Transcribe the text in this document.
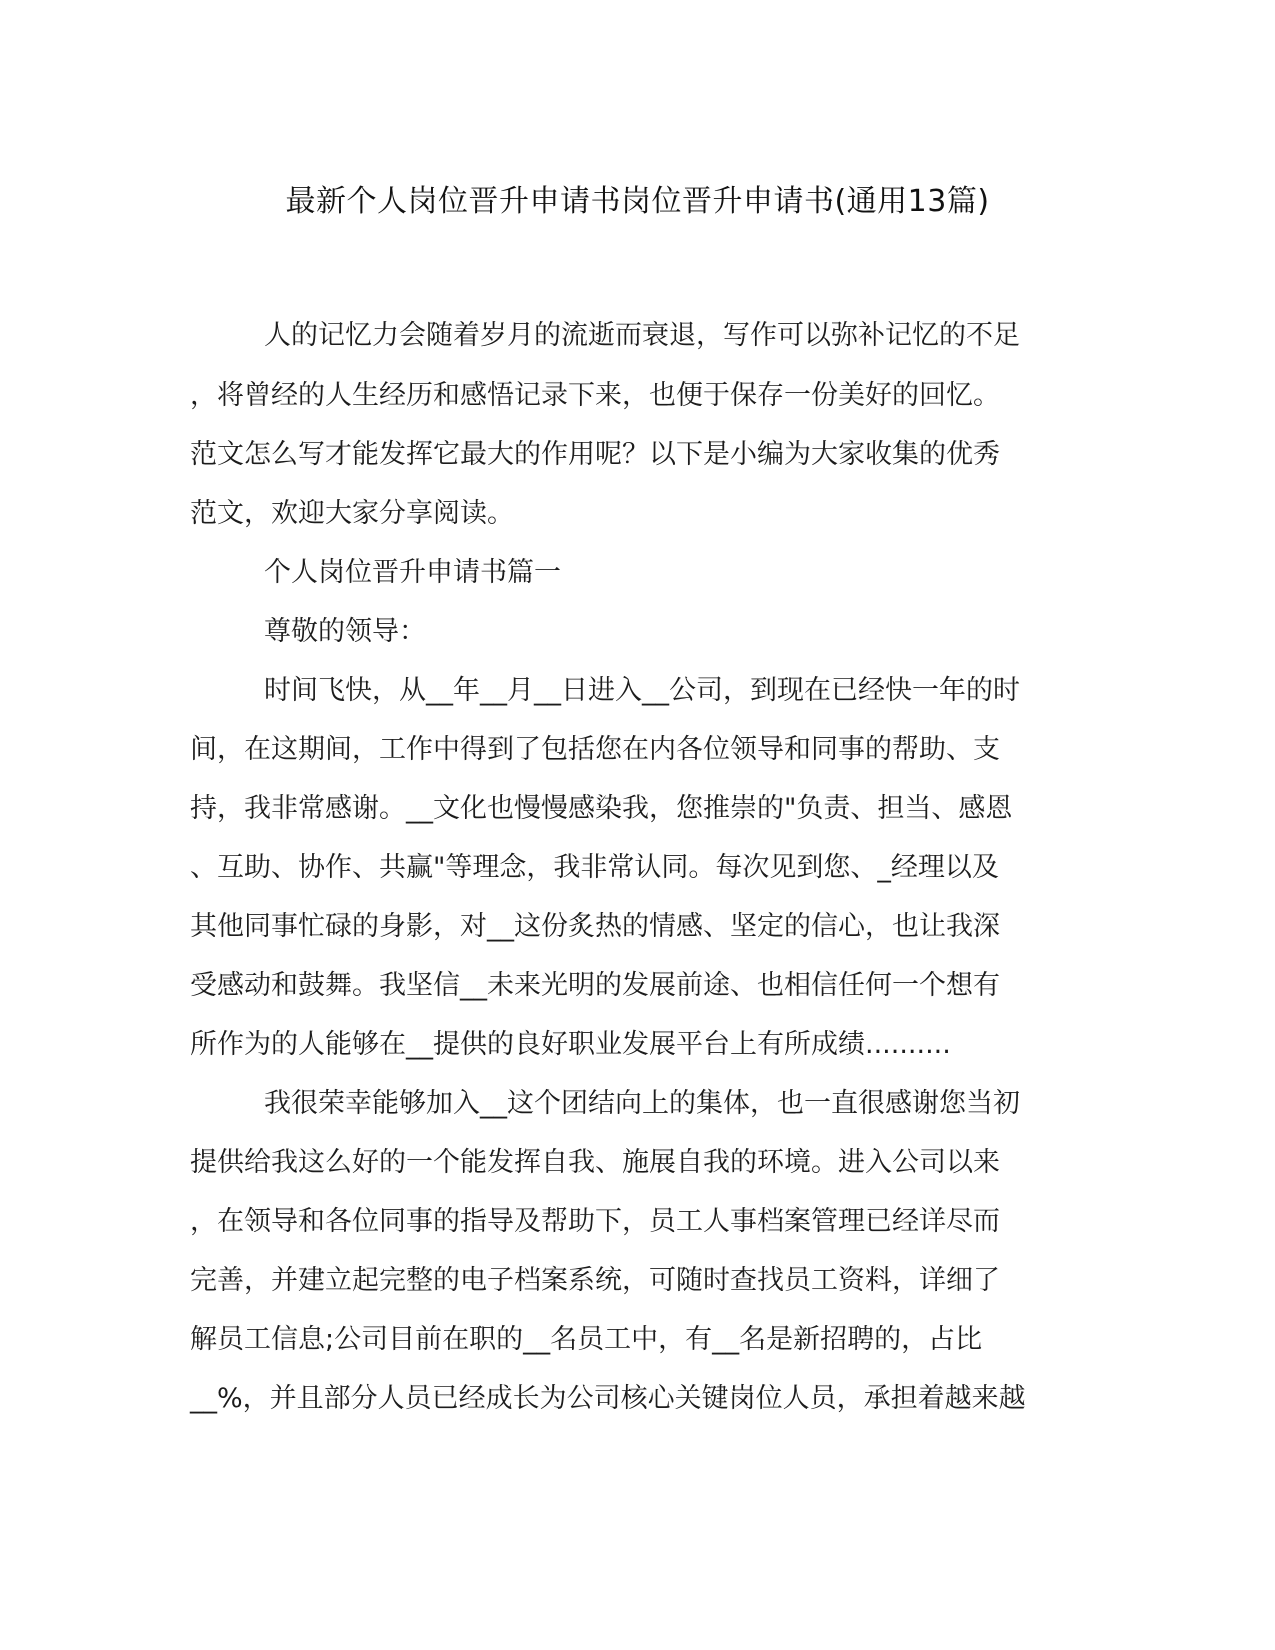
最新个人岗位晋升申请书岗位晋升申请书(通用13篇)
人的记忆力会随着岁月的流逝而衰退，写作可以弥补记忆的不足
，将曾经的人生经历和感悟记录下来，也便于保存一份美好的回忆。
范文怎么写才能发挥它最大的作用呢？以下是小编为大家收集的优秀
范文，欢迎大家分享阅读。
个人岗位晋升申请书篇一
尊敬的领导：
时间飞快，从__年__月__日进入__公司，到现在已经快一年的时
间，在这期间，工作中得到了包括您在内各位领导和同事的帮助、支
持，我非常感谢。__文化也慢慢感染我，您推崇的"负责、担当、感恩
、互助、协作、共赢"等理念，我非常认同。每次见到您、_经理以及
其他同事忙碌的身影，对__这份炙热的情感、坚定的信心，也让我深
受感动和鼓舞。我坚信__未来光明的发展前途、也相信任何一个想有
所作为的人能够在__提供的良好职业发展平台上有所成绩..........
我很荣幸能够加入__这个团结向上的集体，也一直很感谢您当初
提供给我这么好的一个能发挥自我、施展自我的环境。进入公司以来
，在领导和各位同事的指导及帮助下，员工人事档案管理已经详尽而
完善，并建立起完整的电子档案系统，可随时查找员工资料，详细了
解员工信息;公司目前在职的__名员工中，有__名是新招聘的，占比
__%，并且部分人员已经成长为公司核心关键岗位人员，承担着越来越
